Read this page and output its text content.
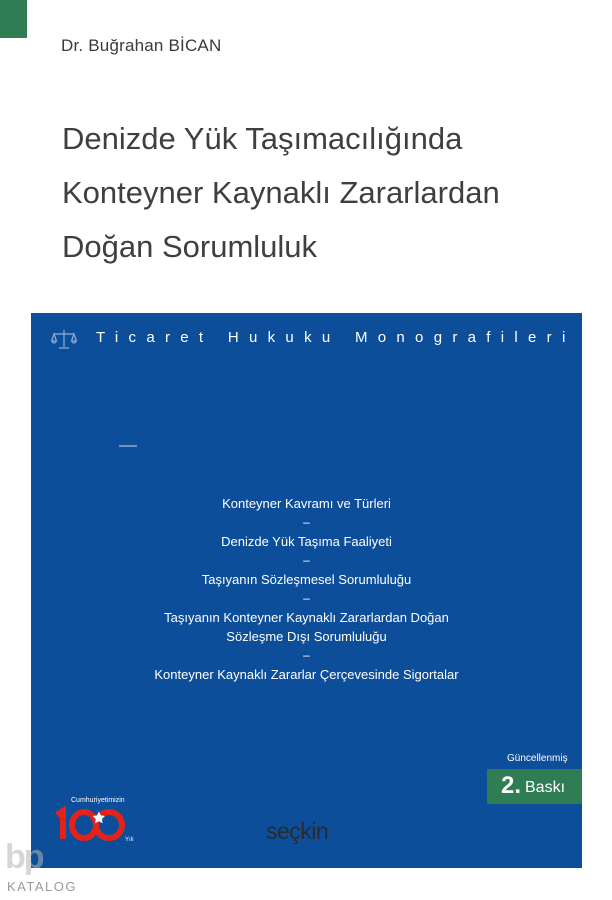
Dr. Buğrahan BİCAN
Denizde Yük Taşımacılığında
Konteyner Kaynaklı Zararlardan
Doğan Sorumluluk
Ticaret Hukuku Monografileri
Konteyner Kavramı ve Türleri
–
Denizde Yük Taşıma Faaliyeti
–
Taşıyanın Sözleşmesel Sorumluluğu
–
Taşıyanın Konteyner Kaynaklı Zararlardan Doğan
Sözleşme Dışı Sorumluluğu
–
Konteyner Kaynaklı Zararlar Çerçevesinde Sigortalar
Güncellenmiş
2. Baskı
Cumhuriyetimizin
Yılı	seçkin
bp
KATALOG
